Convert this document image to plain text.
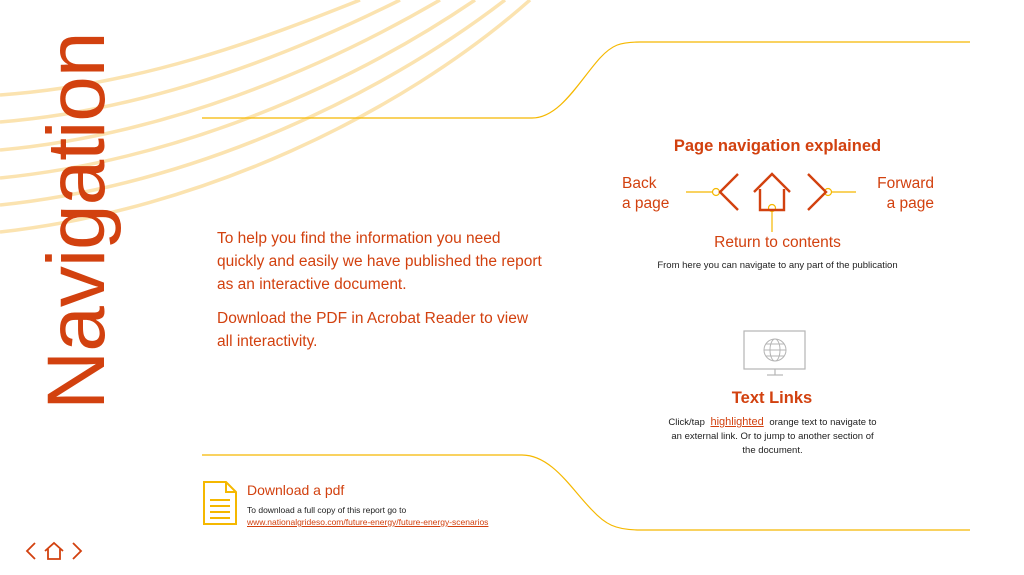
Navigation	To help you find the information you need quickly and easily we have published the report as an interactive document.

Download the PDF in Acrobat Reader to view all interactivity.

Page navigation explained
Back
a page
Forward
a page
Return to contents
From here you can navigate to any part of the publication
Text Links
Click/tap highlighted orange text to navigate to an external link. Or to jump to another section of the document.
Download a pdf
To download a full copy of this report go to
www.nationalgrideso.com/future-energy/future-energy-scenarios
